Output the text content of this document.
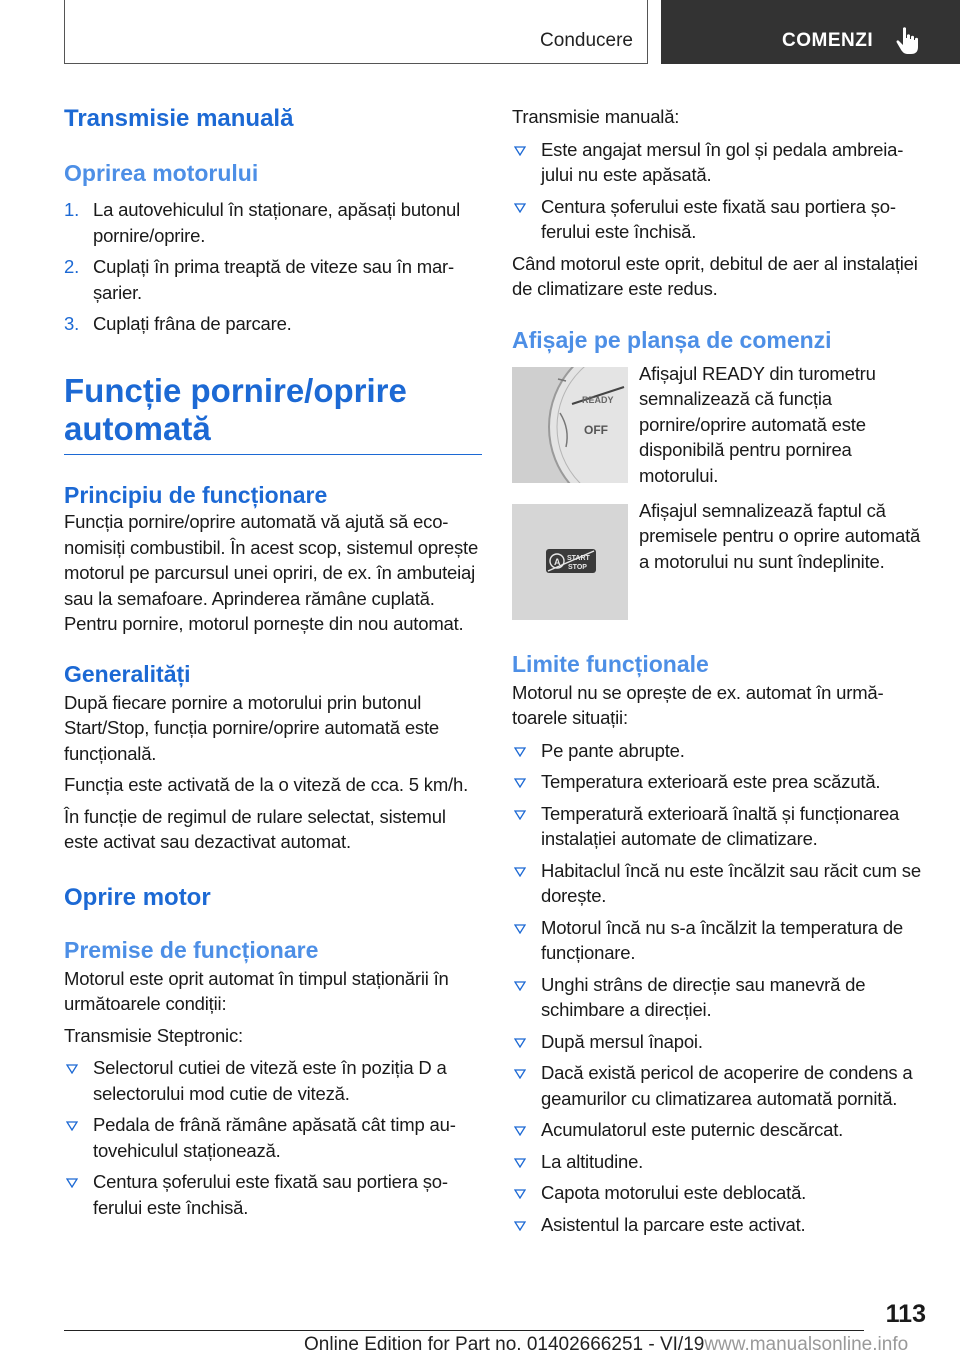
Conducere	COMENZI
Transmisie manuală
Oprirea motorului
1. La autovehiculul în staționare, apăsați butonul pornire/oprire.
2. Cuplați în prima treaptă de viteze sau în marșarier.
3. Cuplați frâna de parcare.
Funcție pornire/oprire
automată
Principiu de funcționare

Funcția pornire/oprire automată vă ajută să economisiți combustibil. În acest scop, sistemul oprește motorul pe parcursul unei opriri, de ex. în ambuteiaj sau la semafoare. Aprinderea rămâne cuplată. Pentru pornire, motorul pornește din nou automat.

Generalități

După fiecare pornire a motorului prin butonul Start/Stop, funcția pornire/oprire automată este funcțională.

Funcția este activată de la o viteză de cca. 5 km/h.

În funcție de regimul de rulare selectat, sistemul este activat sau dezactivat automat.

Oprire motor
Premise de funcționare

Motorul este oprit automat în timpul staționării în următoarele condiții:

Transmisie Steptronic:

Selectorul cutiei de viteză este în poziția D a selectorului mod cutie de viteză.
Pedala de frână rămâne apăsată cât timp autovehiculul staționează.
Centura șoferului este fixată sau portiera șoferului este închisă.

Transmisie manuală:

Este angajat mersul în gol și pedala ambreiajului nu este apăsată.
Centura șoferului este fixată sau portiera șoferului este închisă.

Când motorul este oprit, debitul de aer al instalației de climatizare este redus.

Afișaje pe planșa de comenzi
READY
OFF
Afișajul READY din turometru semnalizează că funcția pornire/oprire automată este disponibilă pentru pornirea motorului.
A START
STOP
Afișajul semnalizează faptul că premisele pentru o oprire automată a motorului nu sunt îndeplinite.
Limite funcționale

Motorul nu se oprește de ex. automat în următoarele situații:

Pe pante abrupte.
Temperatura exterioară este prea scăzută.
Temperatură exterioară înaltă și funcționarea instalației automate de climatizare.
Habitaclul încă nu este încălzit sau răcit cum se dorește.
Motorul încă nu s-a încălzit la temperatura de funcționare.
Unghi strâns de direcție sau manevră de schimbare a direcției.
După mersul înapoi.
Dacă există pericol de acoperire de condens a geamurilor cu climatizarea automată pornită.
Acumulatorul este puternic descărcat.
La altitudine.
Capota motorului este deblocată.
Asistentul la parcare este activat.
113
Online Edition for Part no. 01402666251 - VI/19www.manualsonline.info
